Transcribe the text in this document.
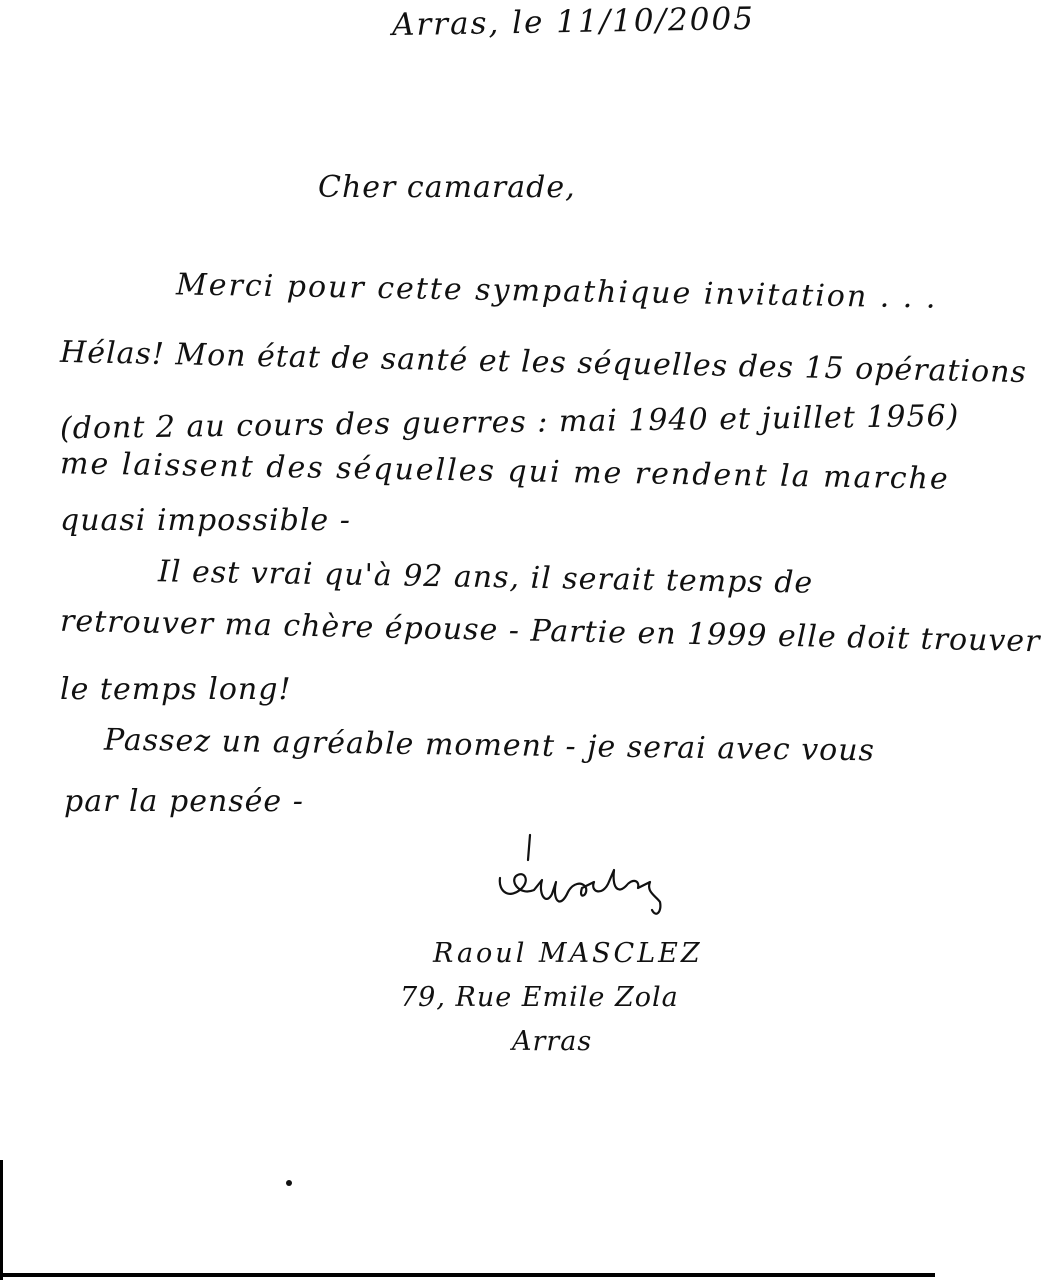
Arras, le 11/10/2005
Cher camarade,
Merci pour cette sympathique invitation . . .
Hélas! Mon état de santé et les séquelles des 15 opérations
(dont 2 au cours des guerres : mai 1940 et juillet 1956)
me laissent des séquelles qui me rendent la marche
quasi impossible -
Il est vrai qu'à 92 ans, il serait temps de
retrouver ma chère épouse - Partie en 1999 elle doit trouver
le temps long!
Passez un agréable moment - je serai avec vous
par la pensée -
Raoul MASCLEZ
79, Rue Emile Zola
Arras
